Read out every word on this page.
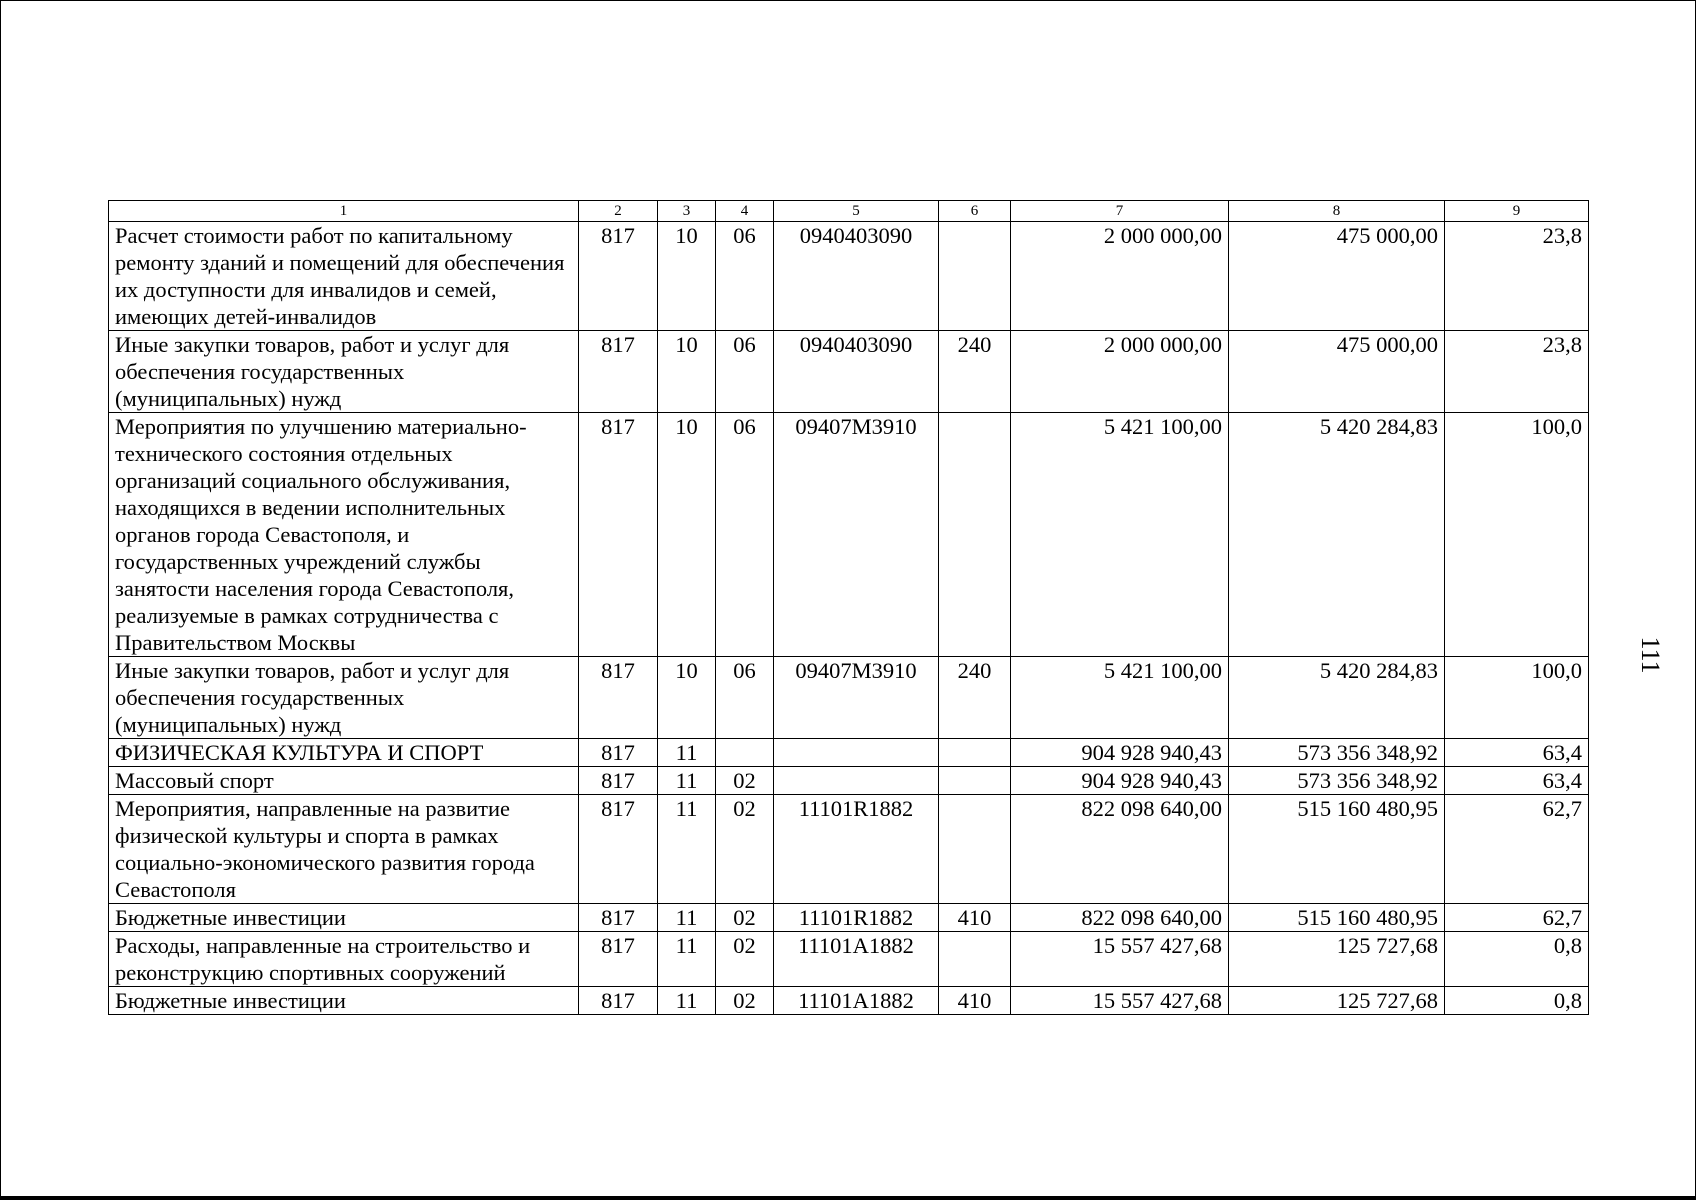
1	2	3	4	5	6	7	8	9
Расчет стоимости работ по капитальному ремонту зданий и помещений для обеспечения их доступности для инвалидов и семей, имеющих детей-инвалидов	817	10	06	0940403090		2 000 000,00	475 000,00	23,8
Иные закупки товаров, работ и услуг для обеспечения государственных (муниципальных) нужд	817	10	06	0940403090	240	2 000 000,00	475 000,00	23,8
Мероприятия по улучшению материально-технического состояния отдельных организаций социального обслуживания, находящихся в ведении исполнительных органов города Севастополя, и государственных учреждений службы занятости населения города Севастополя, реализуемые в рамках сотрудничества с Правительством Москвы	817	10	06	09407М3910		5 421 100,00	5 420 284,83	100,0
Иные закупки товаров, работ и услуг для обеспечения государственных (муниципальных) нужд	817	10	06	09407М3910	240	5 421 100,00	5 420 284,83	100,0
ФИЗИЧЕСКАЯ КУЛЬТУРА И СПОРТ	817	11				904 928 940,43	573 356 348,92	63,4
Массовый спорт	817	11	02			904 928 940,43	573 356 348,92	63,4
Мероприятия, направленные на развитие физической культуры и спорта в рамках социально-экономического развития города Севастополя	817	11	02	11101R1882		822 098 640,00	515 160 480,95	62,7
Бюджетные инвестиции	817	11	02	11101R1882	410	822 098 640,00	515 160 480,95	62,7
Расходы, направленные на строительство и реконструкцию спортивных сооружений	817	11	02	11101А1882		15 557 427,68	125 727,68	0,8
Бюджетные инвестиции	817	11	02	11101А1882	410	15 557 427,68	125 727,68	0,8
111
